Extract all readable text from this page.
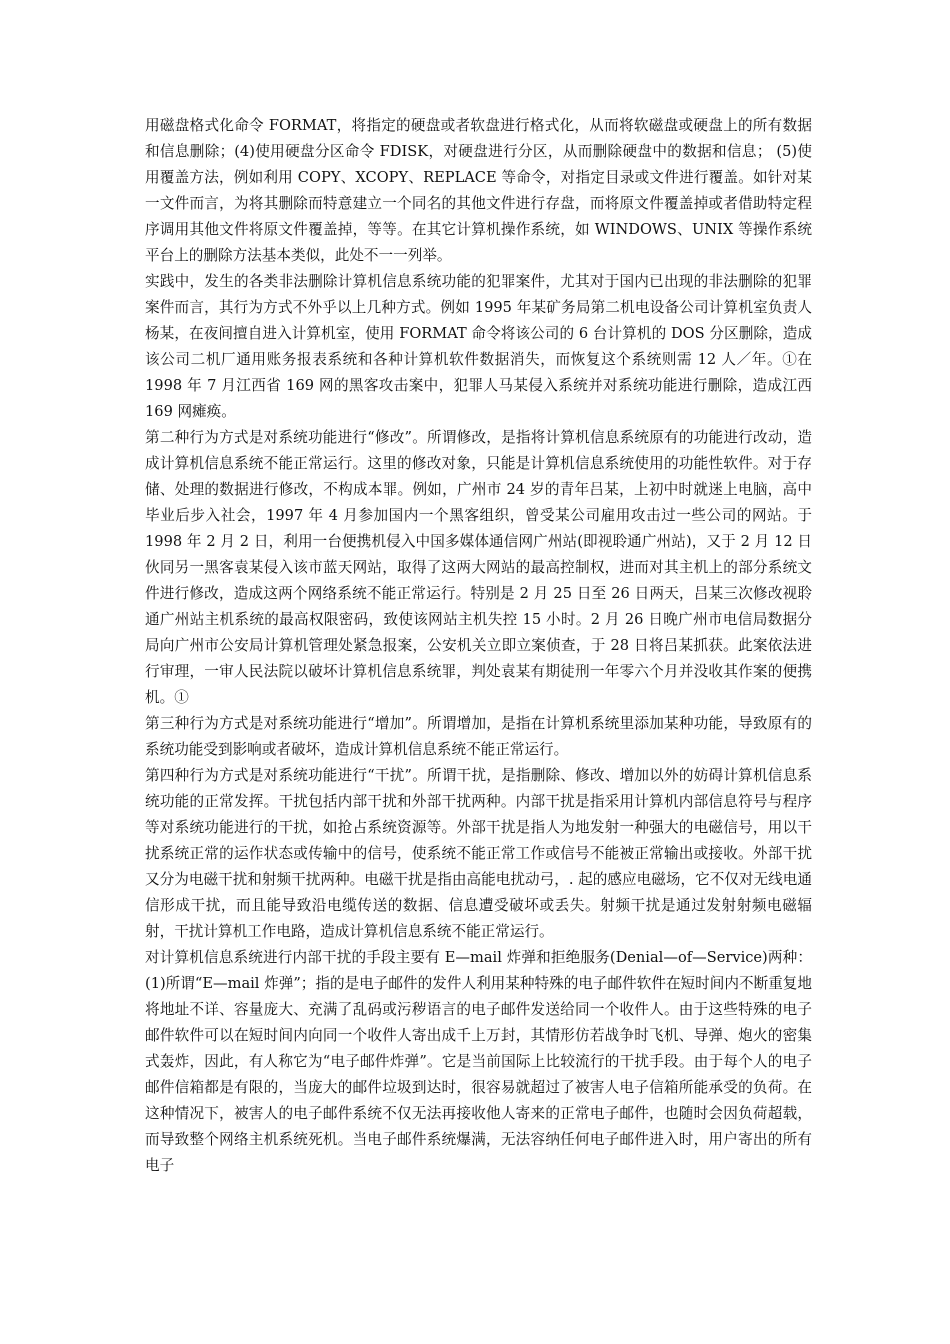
用磁盘格式化命令 FORMAT，将指定的硬盘或者软盘进行格式化，从而将软磁盘或硬盘上的所有数据和信息删除；(4)使用硬盘分区命令 FDISK，对硬盘进行分区，从而删除硬盘中的数据和信息； (5)使用覆盖方法，例如利用 COPY、XCOPY、REPLACE 等命令，对指定目录或文件进行覆盖。如针对某一文件而言，为将其删除而特意建立一个同名的其他文件进行存盘，而将原文件覆盖掉或者借助特定程序调用其他文件将原文件覆盖掉，等等。在其它计算机操作系统，如 WINDOWS、UNIX 等操作系统平台上的删除方法基本类似，此处不一一列举。

实践中，发生的各类非法删除计算机信息系统功能的犯罪案件，尤其对于国内已出现的非法删除的犯罪案件而言，其行为方式不外乎以上几种方式。例如 1995 年某矿务局第二机电设备公司计算机室负责人杨某，在夜间擅自进入计算机室，使用 FORMAT 命令将该公司的 6 台计算机的 DOS 分区删除，造成该公司二机厂通用账务报表系统和各种计算机软件数据消失，而恢复这个系统则需 12 人／年。①在 1998 年 7 月江西省 169 网的黑客攻击案中，犯罪人马某侵入系统并对系统功能进行删除，造成江西 169 网瘫痪。

第二种行为方式是对系统功能进行“修改”。所谓修改，是指将计算机信息系统原有的功能进行改动，造成计算机信息系统不能正常运行。这里的修改对象，只能是计算机信息系统使用的功能性软件。对于存储、处理的数据进行修改，不构成本罪。例如，广州市 24 岁的青年吕某，上初中时就迷上电脑，高中毕业后步入社会，1997 年 4 月参加国内一个黑客组织，曾受某公司雇用攻击过一些公司的网站。于 1998 年 2 月 2 日，利用一台便携机侵入中国多媒体通信网广州站(即视聆通广州站)，又于 2 月 12 日伙同另一黑客袁某侵入该市蓝天网站，取得了这两大网站的最高控制权，进而对其主机上的部分系统文件进行修改，造成这两个网络系统不能正常运行。特别是 2 月 25 日至 26 日两天，吕某三次修改视聆通广州站主机系统的最高权限密码，致使该网站主机失控 15 小时。2 月 26 日晚广州市电信局数据分局向广州市公安局计算机管理处紧急报案，公安机关立即立案侦查，于 28 日将吕某抓获。此案依法进行审理，一审人民法院以破坏计算机信息系统罪，判处袁某有期徒刑一年零六个月并没收其作案的便携机。①

第三种行为方式是对系统功能进行“增加”。所谓增加，是指在计算机系统里添加某种功能，导致原有的系统功能受到影响或者破坏，造成计算机信息系统不能正常运行。

第四种行为方式是对系统功能进行“干扰”。所谓干扰，是指删除、修改、增加以外的妨碍计算机信息系统功能的正常发挥。干扰包括内部干扰和外部干扰两种。内部干扰是指采用计算机内部信息符号与程序等对系统功能进行的干扰，如抢占系统资源等。外部干扰是指人为地发射一种强大的电磁信号，用以干扰系统正常的运作状态或传输中的信号，使系统不能正常工作或信号不能被正常输出或接收。外部干扰又分为电磁干扰和射频干扰两种。电磁干扰是指由高能电扰动弓，. 起的感应电磁场，它不仅对无线电通信形成干扰，而且能导致沿电缆传送的数据、信息遭受破坏或丢失。射频干扰是通过发射射频电磁辐射，干扰计算机工作电路，造成计算机信息系统不能正常运行。

对计算机信息系统进行内部干扰的手段主要有 E—mail 炸弹和拒绝服务(Denial—of—Service)两种：(1)所谓“E—mail 炸弹”；指的是电子邮件的发件人利用某种特殊的电子邮件软件在短时间内不断重复地将地址不详、容量庞大、充满了乱码或污秽语言的电子邮件发送给同一个收件人。由于这些特殊的电子邮件软件可以在短时间内向同一个收件人寄出成千上万封，其情形仿若战争时飞机、导弹、炮火的密集式轰炸，因此，有人称它为“电子邮件炸弹”。它是当前国际上比较流行的干扰手段。由于每个人的电子邮件信箱都是有限的，当庞大的邮件垃圾到达时，很容易就超过了被害人电子信箱所能承受的负荷。在这种情况下，被害人的电子邮件系统不仅无法再接收他人寄来的正常电子邮件，也随时会因负荷超载，而导致整个网络主机系统死机。当电子邮件系统爆满，无法容纳任何电子邮件进入时，用户寄出的所有电子
